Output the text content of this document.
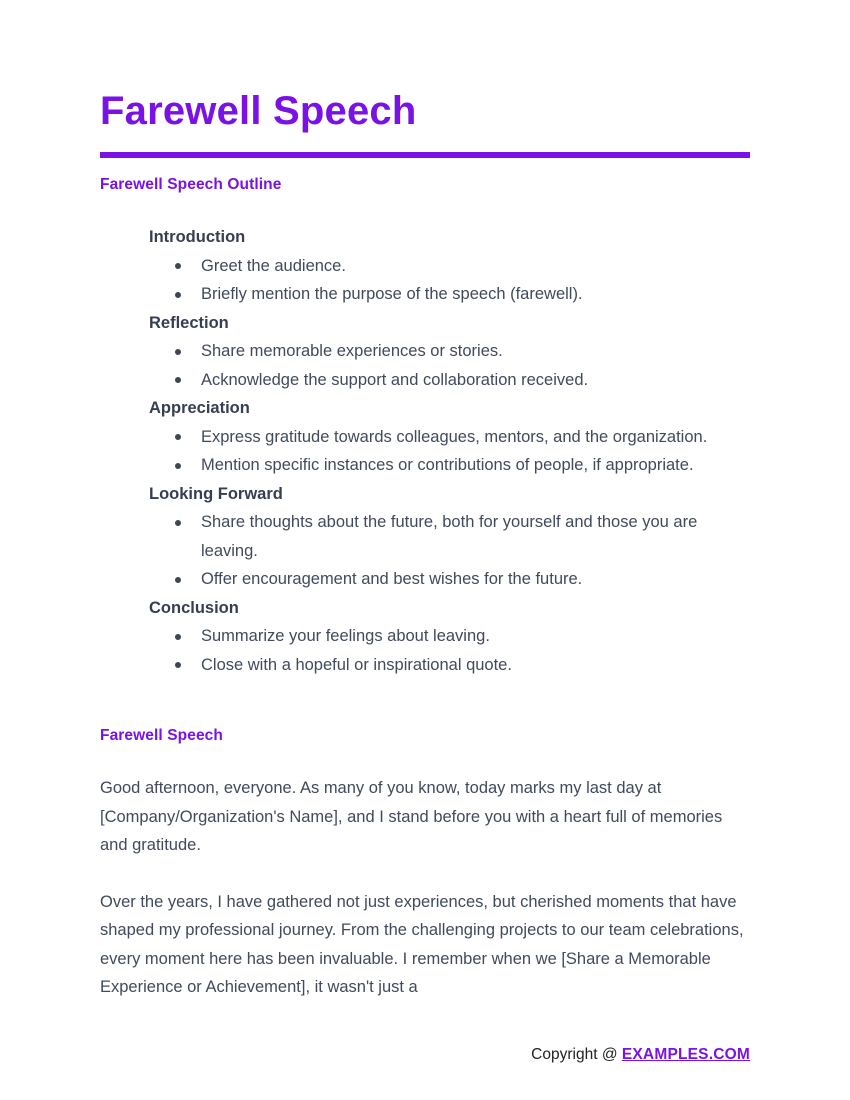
Farewell Speech
Farewell Speech Outline

Introduction

Greet the audience.
Briefly mention the purpose of the speech (farewell).

Reflection

Share memorable experiences or stories.
Acknowledge the support and collaboration received.

Appreciation

Express gratitude towards colleagues, mentors, and the organization.
Mention specific instances or contributions of people, if appropriate.

Looking Forward

Share thoughts about the future, both for yourself and those you are leaving.
Offer encouragement and best wishes for the future.

Conclusion

Summarize your feelings about leaving.
Close with a hopeful or inspirational quote.
Farewell Speech

Good afternoon, everyone. As many of you know, today marks my last day at [Company/Organization's Name], and I stand before you with a heart full of memories and gratitude.

Over the years, I have gathered not just experiences, but cherished moments that have shaped my professional journey. From the challenging projects to our team celebrations, every moment here has been invaluable. I remember when we [Share a Memorable Experience or Achievement], it wasn't just a

Copyright @ EXAMPLES.COM
